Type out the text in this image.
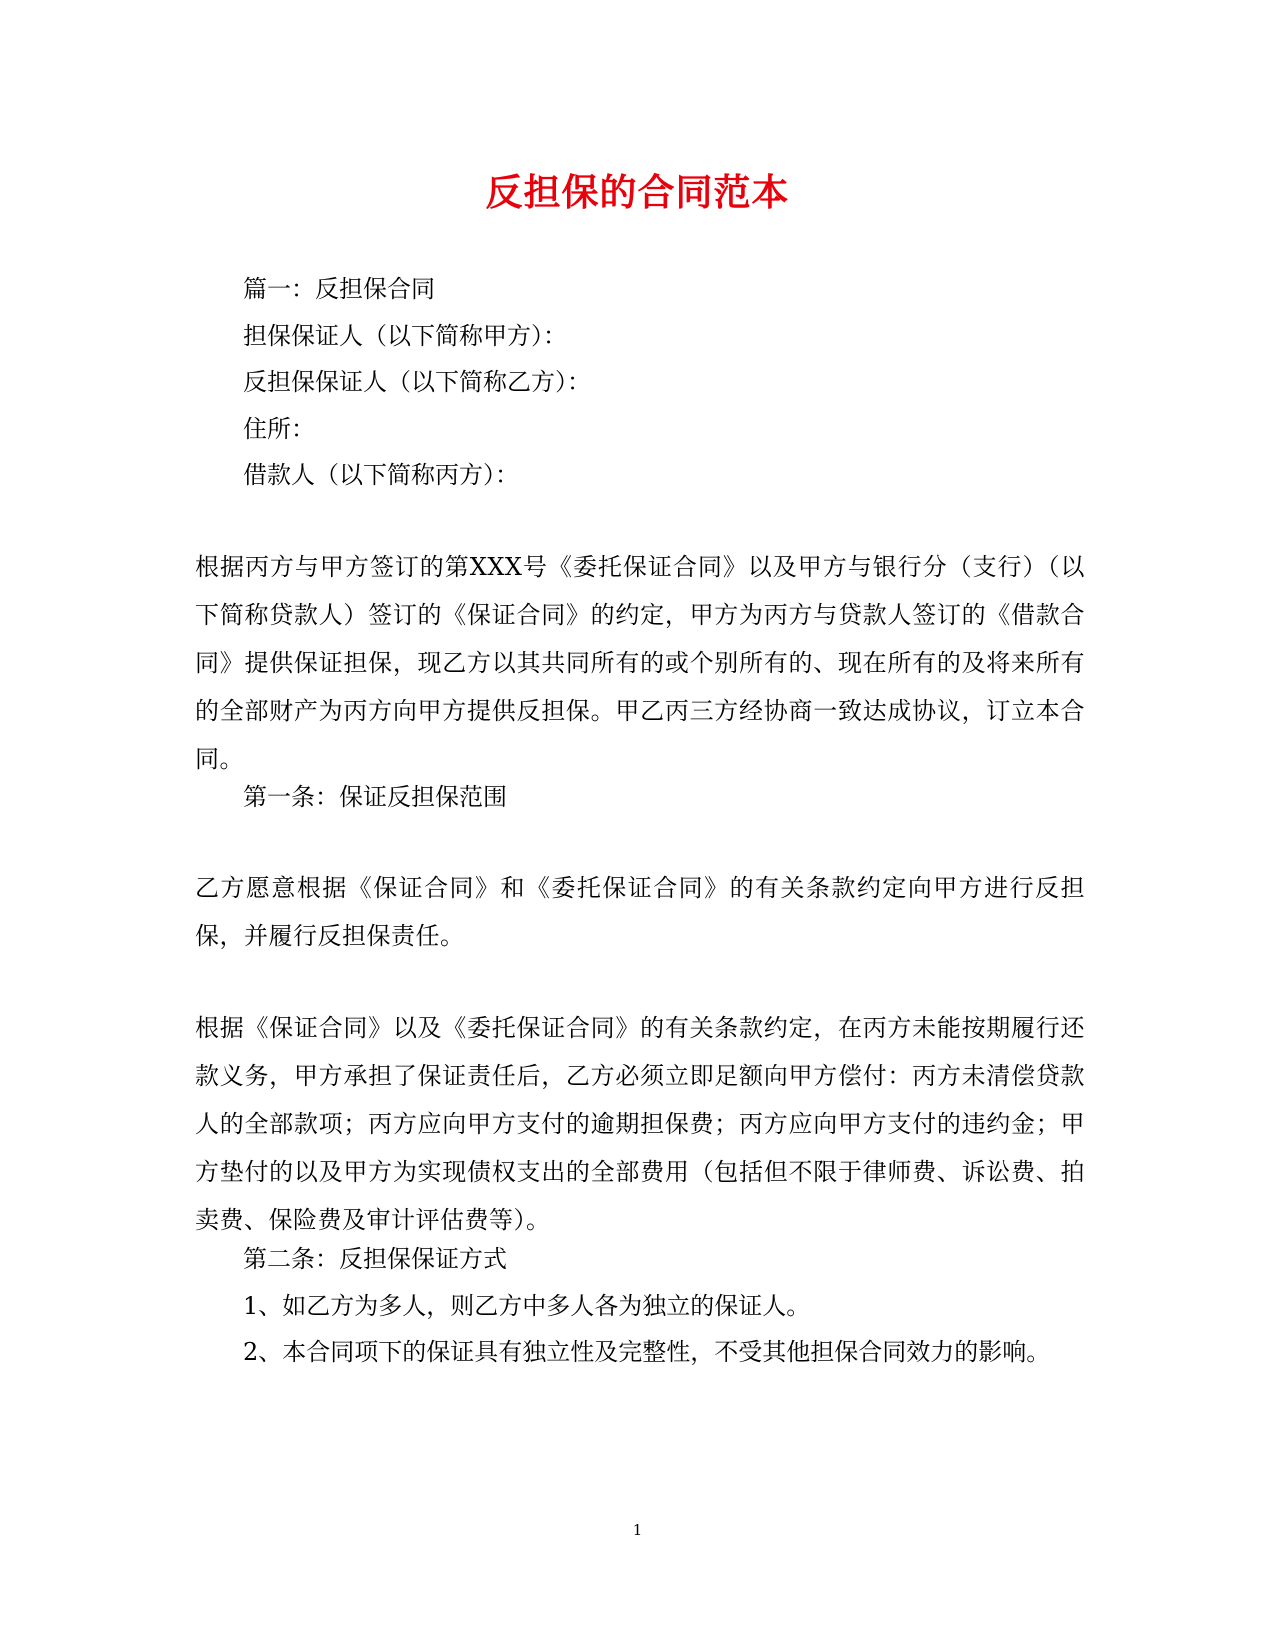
反担保的合同范本
篇一：反担保合同
担保保证人（以下简称甲方）：
反担保保证人（以下简称乙方）：
住所：
借款人（以下简称丙方）：
根据丙方与甲方签订的第XXX号《委托保证合同》以及甲方与银行分（支行）（以下简称贷款人）签订的《保证合同》的约定，甲方为丙方与贷款人签订的《借款合同》提供保证担保，现乙方以其共同所有的或个别所有的、现在所有的及将来所有的全部财产为丙方向甲方提供反担保。甲乙丙三方经协商一致达成协议，订立本合同。
第一条：保证反担保范围
乙方愿意根据《保证合同》和《委托保证合同》的有关条款约定向甲方进行反担保，并履行反担保责任。
根据《保证合同》以及《委托保证合同》的有关条款约定，在丙方未能按期履行还款义务，甲方承担了保证责任后，乙方必须立即足额向甲方偿付：丙方未清偿贷款人的全部款项；丙方应向甲方支付的逾期担保费；丙方应向甲方支付的违约金；甲方垫付的以及甲方为实现债权支出的全部费用（包括但不限于律师费、诉讼费、拍卖费、保险费及审计评估费等）。
第二条：反担保保证方式
1、如乙方为多人，则乙方中多人各为独立的保证人。
2、本合同项下的保证具有独立性及完整性，不受其他担保合同效力的影响。
1
